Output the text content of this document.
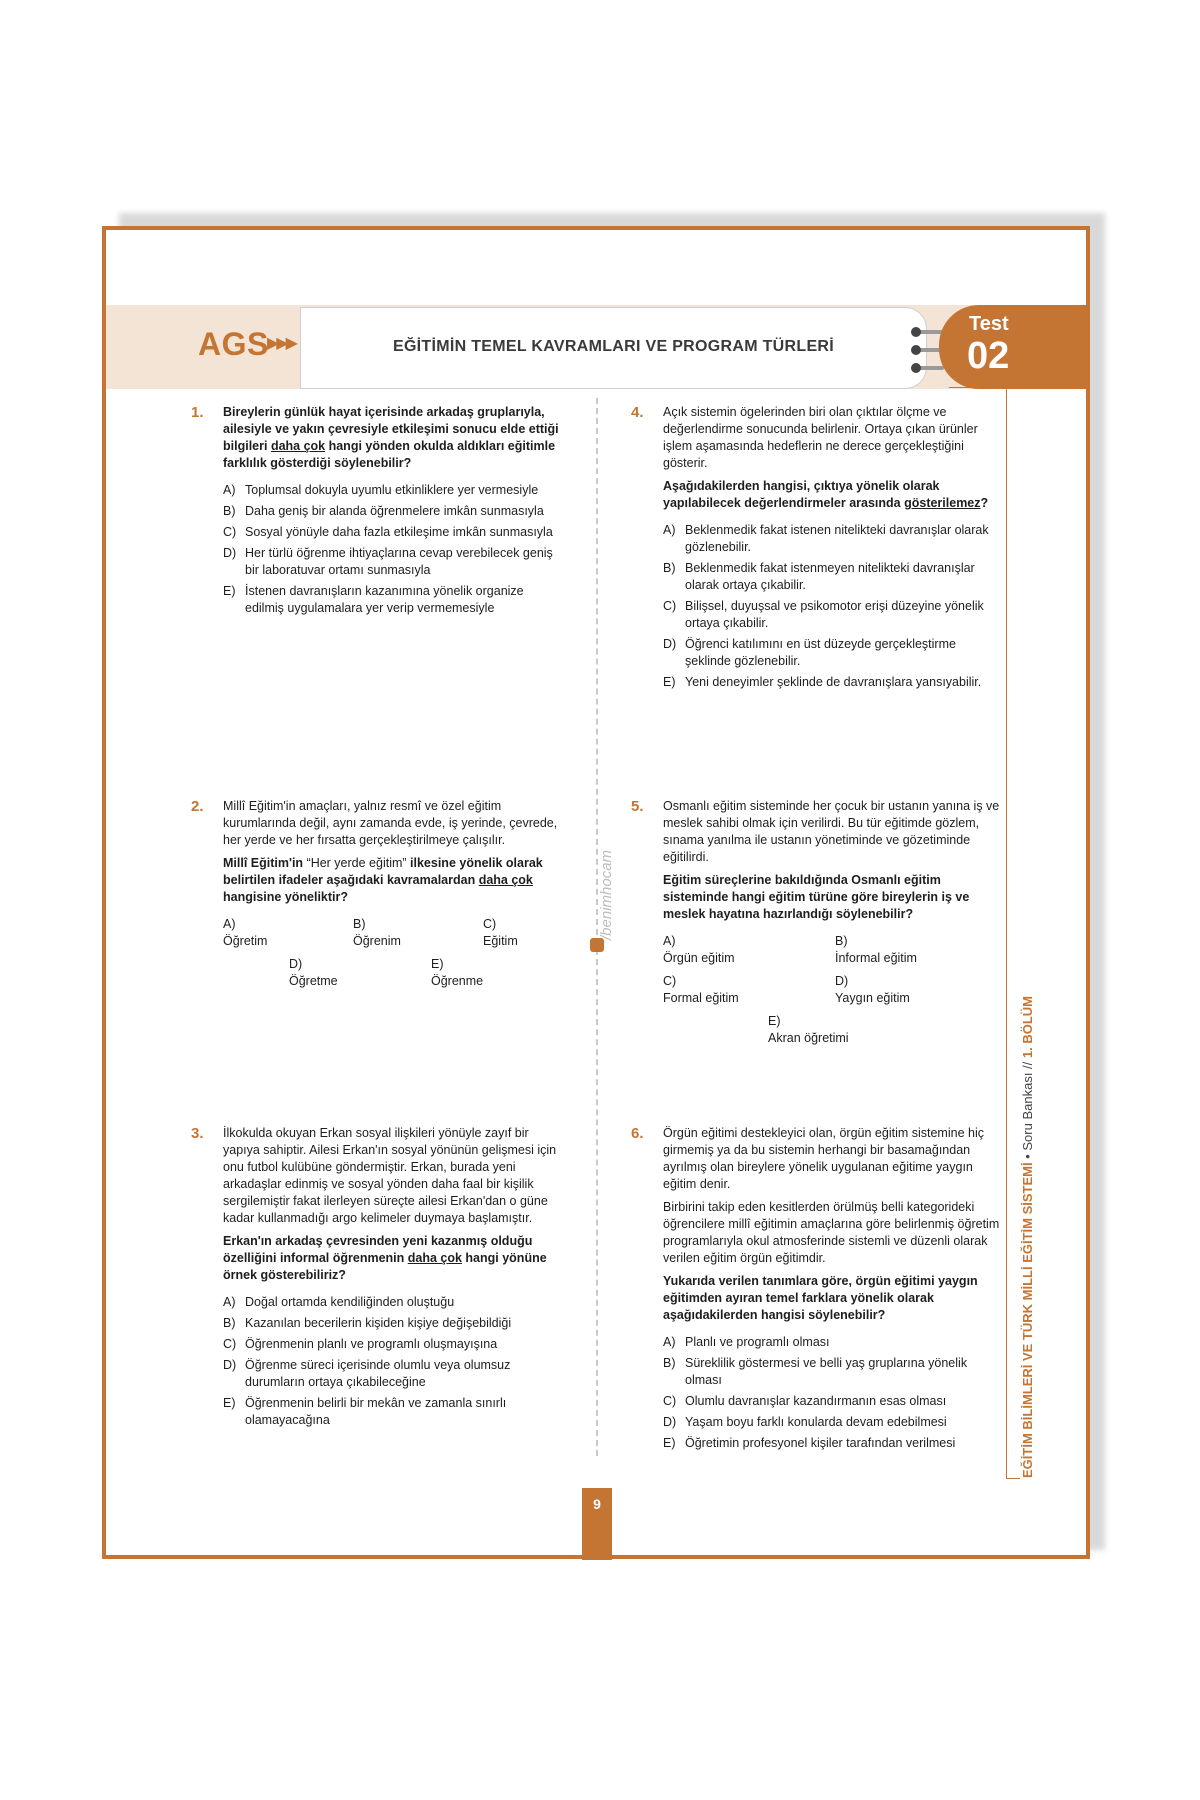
AGS
▶▶▶	EĞİTİMİN TEMEL KAVRAMLARI VE PROGRAM TÜRLERİ
Test
02
EĞİTİM BİLİMLERİ VE TÜRK MİLLİ EĞİTİM SİSTEMİ • Soru Bankası // 1. BÖLÜM
/benimhocam
1. Bireylerin günlük hayat içerisinde arkadaş gruplarıyla, ailesiyle ve yakın çevresiyle etkileşimi sonucu elde ettiği bilgileri daha çok hangi yönden okulda aldıkları eğitimle farklılık gösterdiği söylenebilir?

A) Toplumsal dokuyla uyumlu etkinliklere yer vermesiyle
B) Daha geniş bir alanda öğrenmelere imkân sunmasıyla
C) Sosyal yönüyle daha fazla etkileşime imkân sunmasıyla
D) Her türlü öğrenme ihtiyaçlarına cevap verebilecek geniş bir laboratuvar ortamı sunmasıyla
E) İstenen davranışların kazanımına yönelik organize edilmiş uygulamalara yer verip vermemesiyle
2. Millî Eğitim'in amaçları, yalnız resmî ve özel eğitim kurumlarında değil, aynı zamanda evde, iş yerinde, çevrede, her yerde ve her fırsatta gerçekleştirilmeye çalışılır.

Millî Eğitim'in “Her yerde eğitim” ilkesine yönelik olarak belirtilen ifadeler aşağıdaki kavramalardan daha çok hangisine yöneliktir?

A)
Öğretim
B)
Öğrenim
C)
Eğitim
D)
Öğretme
E)
Öğrenme
3. İlkokulda okuyan Erkan sosyal ilişkileri yönüyle zayıf bir yapıya sahiptir. Ailesi Erkan'ın sosyal yönünün gelişmesi için onu futbol kulübüne göndermiştir. Erkan, burada yeni arkadaşlar edinmiş ve sosyal yönden daha faal bir kişilik sergilemiştir fakat ilerleyen süreçte ailesi Erkan'dan o güne kadar kullanmadığı argo kelimeler duymaya başlamıştır.

Erkan'ın arkadaş çevresinden yeni kazanmış olduğu özelliğini informal öğrenmenin daha çok hangi yönüne örnek gösterebiliriz?

A) Doğal ortamda kendiliğinden oluştuğu
B) Kazanılan becerilerin kişiden kişiye değişebildiği
C) Öğrenmenin planlı ve programlı oluşmayışına
D) Öğrenme süreci içerisinde olumlu veya olumsuz durumların ortaya çıkabileceğine
E) Öğrenmenin belirli bir mekân ve zamanla sınırlı olamayacağına
4. Açık sistemin ögelerinden biri olan çıktılar ölçme ve değerlendirme sonucunda belirlenir. Ortaya çıkan ürünler işlem aşamasında hedeflerin ne derece gerçekleştiğini gösterir.

Aşağıdakilerden hangisi, çıktıya yönelik olarak yapılabilecek değerlendirmeler arasında gösterilemez?

A) Beklenmedik fakat istenen nitelikteki davranışlar olarak gözlenebilir.
B) Beklenmedik fakat istenmeyen nitelikteki davranışlar olarak ortaya çıkabilir.
C) Bilişsel, duyuşsal ve psikomotor erişi düzeyine yönelik ortaya çıkabilir.
D) Öğrenci katılımını en üst düzeyde gerçekleştirme şeklinde gözlenebilir.
E) Yeni deneyimler şeklinde de davranışlara yansıyabilir.
5. Osmanlı eğitim sisteminde her çocuk bir ustanın yanına iş ve meslek sahibi olmak için verilirdi. Bu tür eğitimde gözlem, sınama yanılma ile ustanın yönetiminde ve gözetiminde eğitilirdi.

Eğitim süreçlerine bakıldığında Osmanlı eğitim sisteminde hangi eğitim türüne göre bireylerin iş ve meslek hayatına hazırlandığı söylenebilir?

A)
Örgün eğitim
B)
İnformal eğitim
C)
Formal eğitim
D)
Yaygın eğitim
E)
Akran öğretimi
6. Örgün eğitimi destekleyici olan, örgün eğitim sistemine hiç girmemiş ya da bu sistemin herhangi bir basamağından ayrılmış olan bireylere yönelik uygulanan eğitime yaygın eğitim denir.

Birbirini takip eden kesitlerden örülmüş belli kategorideki öğrencilere millî eğitimin amaçlarına göre belirlenmiş öğretim programlarıyla okul atmosferinde sistemli ve düzenli olarak verilen eğitim örgün eğitimdir.

Yukarıda verilen tanımlara göre, örgün eğitimi yaygın eğitimden ayıran temel farklara yönelik olarak aşağıdakilerden hangisi söylenebilir?

A) Planlı ve programlı olması
B) Süreklilik göstermesi ve belli yaş gruplarına yönelik olması
C) Olumlu davranışlar kazandırmanın esas olması
D) Yaşam boyu farklı konularda devam edebilmesi
E) Öğretimin profesyonel kişiler tarafından verilmesi
9
